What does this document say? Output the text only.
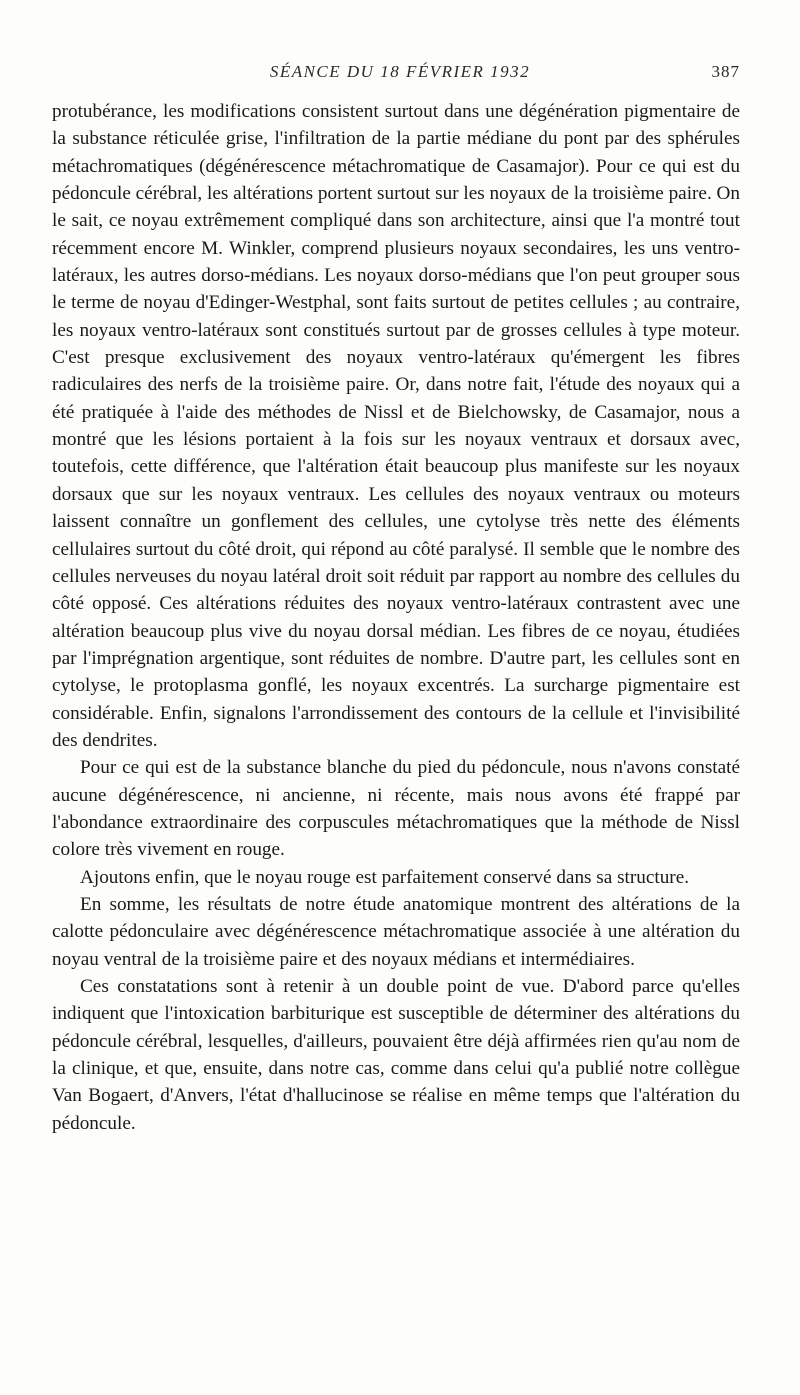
SÉANCE DU 18 FÉVRIER 1932	387

protubérance, les modifications consistent surtout dans une dégénération pigmentaire de la substance réticulée grise, l'infiltration de la partie médiane du pont par des sphérules métachromatiques (dégénérescence métachromatique de Casamajor). Pour ce qui est du pédoncule cérébral, les altérations portent surtout sur les noyaux de la troisième paire. On le sait, ce noyau extrêmement compliqué dans son architecture, ainsi que l'a montré tout récemment encore M. Winkler, comprend plusieurs noyaux secondaires, les uns ventro-latéraux, les autres dorso-médians. Les noyaux dorso-médians que l'on peut grouper sous le terme de noyau d'Edinger-Westphal, sont faits surtout de petites cellules ; au contraire, les noyaux ventro-latéraux sont constitués surtout par de grosses cellules à type moteur. C'est presque exclusivement des noyaux ventro-latéraux qu'émergent les fibres radiculaires des nerfs de la troisième paire. Or, dans notre fait, l'étude des noyaux qui a été pratiquée à l'aide des méthodes de Nissl et de Bielchowsky, de Casamajor, nous a montré que les lésions portaient à la fois sur les noyaux ventraux et dorsaux avec, toutefois, cette différence, que l'altération était beaucoup plus manifeste sur les noyaux dorsaux que sur les noyaux ventraux. Les cellules des noyaux ventraux ou moteurs laissent connaître un gonflement des cellules, une cytolyse très nette des éléments cellulaires surtout du côté droit, qui répond au côté paralysé. Il semble que le nombre des cellules nerveuses du noyau latéral droit soit réduit par rapport au nombre des cellules du côté opposé. Ces altérations réduites des noyaux ventro-latéraux contrastent avec une altération beaucoup plus vive du noyau dorsal médian. Les fibres de ce noyau, étudiées par l'imprégnation argentique, sont réduites de nombre. D'autre part, les cellules sont en cytolyse, le protoplasma gonflé, les noyaux excentrés. La surcharge pigmentaire est considérable. Enfin, signalons l'arrondissement des contours de la cellule et l'invisibilité des dendrites.

Pour ce qui est de la substance blanche du pied du pédoncule, nous n'avons constaté aucune dégénérescence, ni ancienne, ni récente, mais nous avons été frappé par l'abondance extraordinaire des corpuscules métachromatiques que la méthode de Nissl colore très vivement en rouge.

Ajoutons enfin, que le noyau rouge est parfaitement conservé dans sa structure.

En somme, les résultats de notre étude anatomique montrent des altérations de la calotte pédonculaire avec dégénérescence métachromatique associée à une altération du noyau ventral de la troisième paire et des noyaux médians et intermédiaires.

Ces constatations sont à retenir à un double point de vue. D'abord parce qu'elles indiquent que l'intoxication barbiturique est susceptible de déterminer des altérations du pédoncule cérébral, lesquelles, d'ailleurs, pouvaient être déjà affirmées rien qu'au nom de la clinique, et que, ensuite, dans notre cas, comme dans celui qu'a publié notre collègue Van Bogaert, d'Anvers, l'état d'hallucinose se réalise en même temps que l'altération du pédoncule.
